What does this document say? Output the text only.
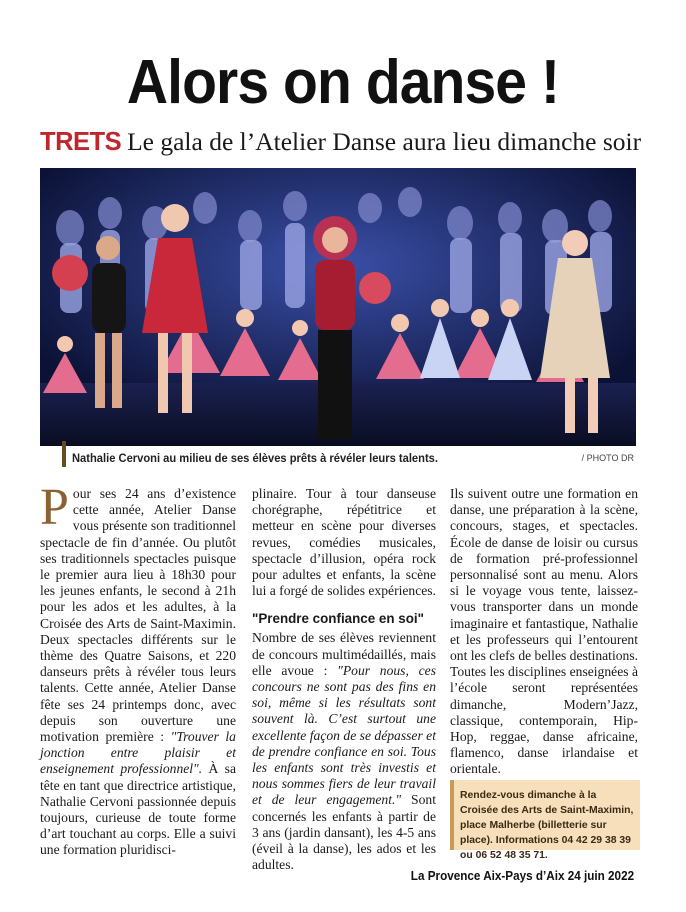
Alors on danse !
TRETS Le gala de l’Atelier Danse aura lieu dimanche soir
Nathalie Cervoni au milieu de ses élèves prêts à révéler leurs talents.	/ PHOTO DR

Pour ses 24 ans d’existence cette année, Atelier Danse vous présente son traditionnel spectacle de fin d’année. Ou plutôt ses traditionnels spectacles puisque le premier aura lieu à 18h30 pour les jeunes enfants, le second à 21h pour les ados et les adultes, à la Croisée des Arts de Saint-Maximin. Deux spectacles différents sur le thème des Quatre Saisons, et 220 danseurs prêts à révéler tous leurs talents. Cette année, Atelier Danse fête ses 24 printemps donc, avec depuis son ouverture une motivation première : "Trouver la jonction entre plaisir et enseignement professionnel". À sa tête en tant que directrice artistique, Nathalie Cervoni passionnée depuis toujours, curieuse de toute forme d’art touchant au corps. Elle a suivi une formation pluridisci-

plinaire. Tour à tour danseuse chorégraphe, répétitrice et metteur en scène pour diverses revues, comédies musicales, spectacle d’illusion, opéra rock pour adultes et enfants, la scène lui a forgé de solides expériences.

"Prendre confiance en soi"

Nombre de ses élèves reviennent de concours multimédaillés, mais elle avoue : "Pour nous, ces concours ne sont pas des fins en soi, même si les résultats sont souvent là. C’est surtout une excellente façon de se dépasser et de prendre confiance en soi. Tous les enfants sont très investis et nous sommes fiers de leur travail et de leur engagement." Sont concernés les enfants à partir de 3 ans (jardin dansant), les 4-5 ans (éveil à la danse), les ados et les adultes.

Ils suivent outre une formation en danse, une préparation à la scène, concours, stages, et spectacles. École de danse de loisir ou cursus de formation pré-professionnel personnalisé sont au menu. Alors si le voyage vous tente, laissez-vous transporter dans un monde imaginaire et fantastique, Nathalie et les professeurs qui l’entourent ont les clefs de belles destinations. Toutes les disciplines enseignées à l’école seront représentées dimanche, Modern’Jazz, classique, contemporain, Hip-Hop, reggae, danse africaine, flamenco, danse irlandaise et orientale.

Rendez-vous dimanche à la Croisée des Arts de Saint-Maximin, place Malherbe (billetterie sur place). Informations 04 42 29 38 39 ou 06 52 48 35 71.

La Provence Aix-Pays d’Aix 24 juin 2022
